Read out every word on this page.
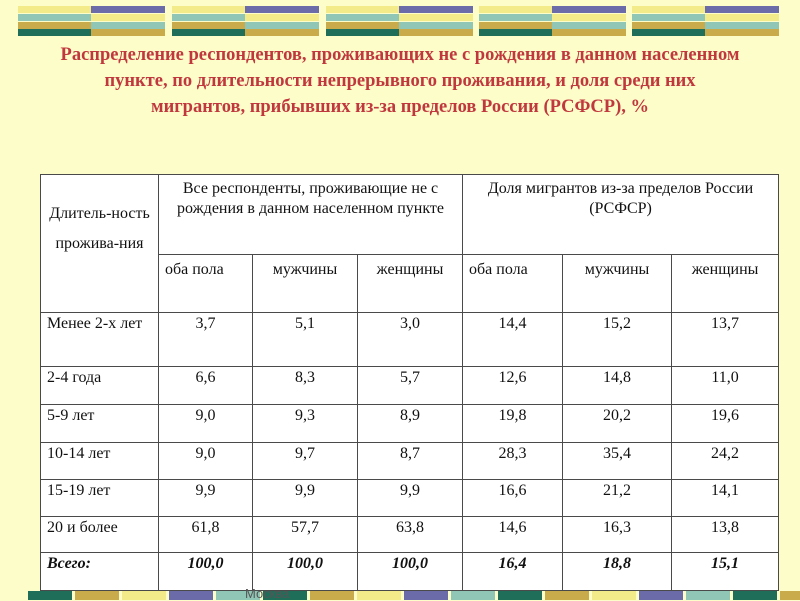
Распределение респондентов, проживающих не с рождения в данном населенном пункте, по длительности непрерывного проживания, и доля среди них мигрантов, прибывших из-за пределов России (РСФСР), %
Длитель-ность
прожива-ния	Все респонденты, проживающие не с рождения в данном населенном пункте			Доля мигрантов из-за пределов России (РСФСР)		
	оба пола	мужчины	женщины	оба пола	мужчины	женщины
Менее 2-х лет	3,7	5,1	3,0	14,4	15,2	13,7
2-4 года	6,6	8,3	5,7	12,6	14,8	11,0
5-9 лет	9,0	9,3	8,9	19,8	20,2	19,6
10-14 лет	9,0	9,7	8,7	28,3	35,4	24,2
15-19 лет	9,9	9,9	9,9	16,6	21,2	14,1
20 и более	61,8	57,7	63,8	14,6	16,3	13,8
Всего:	100,0	100,0	100,0	16,4	18,8	15,1
Москва
